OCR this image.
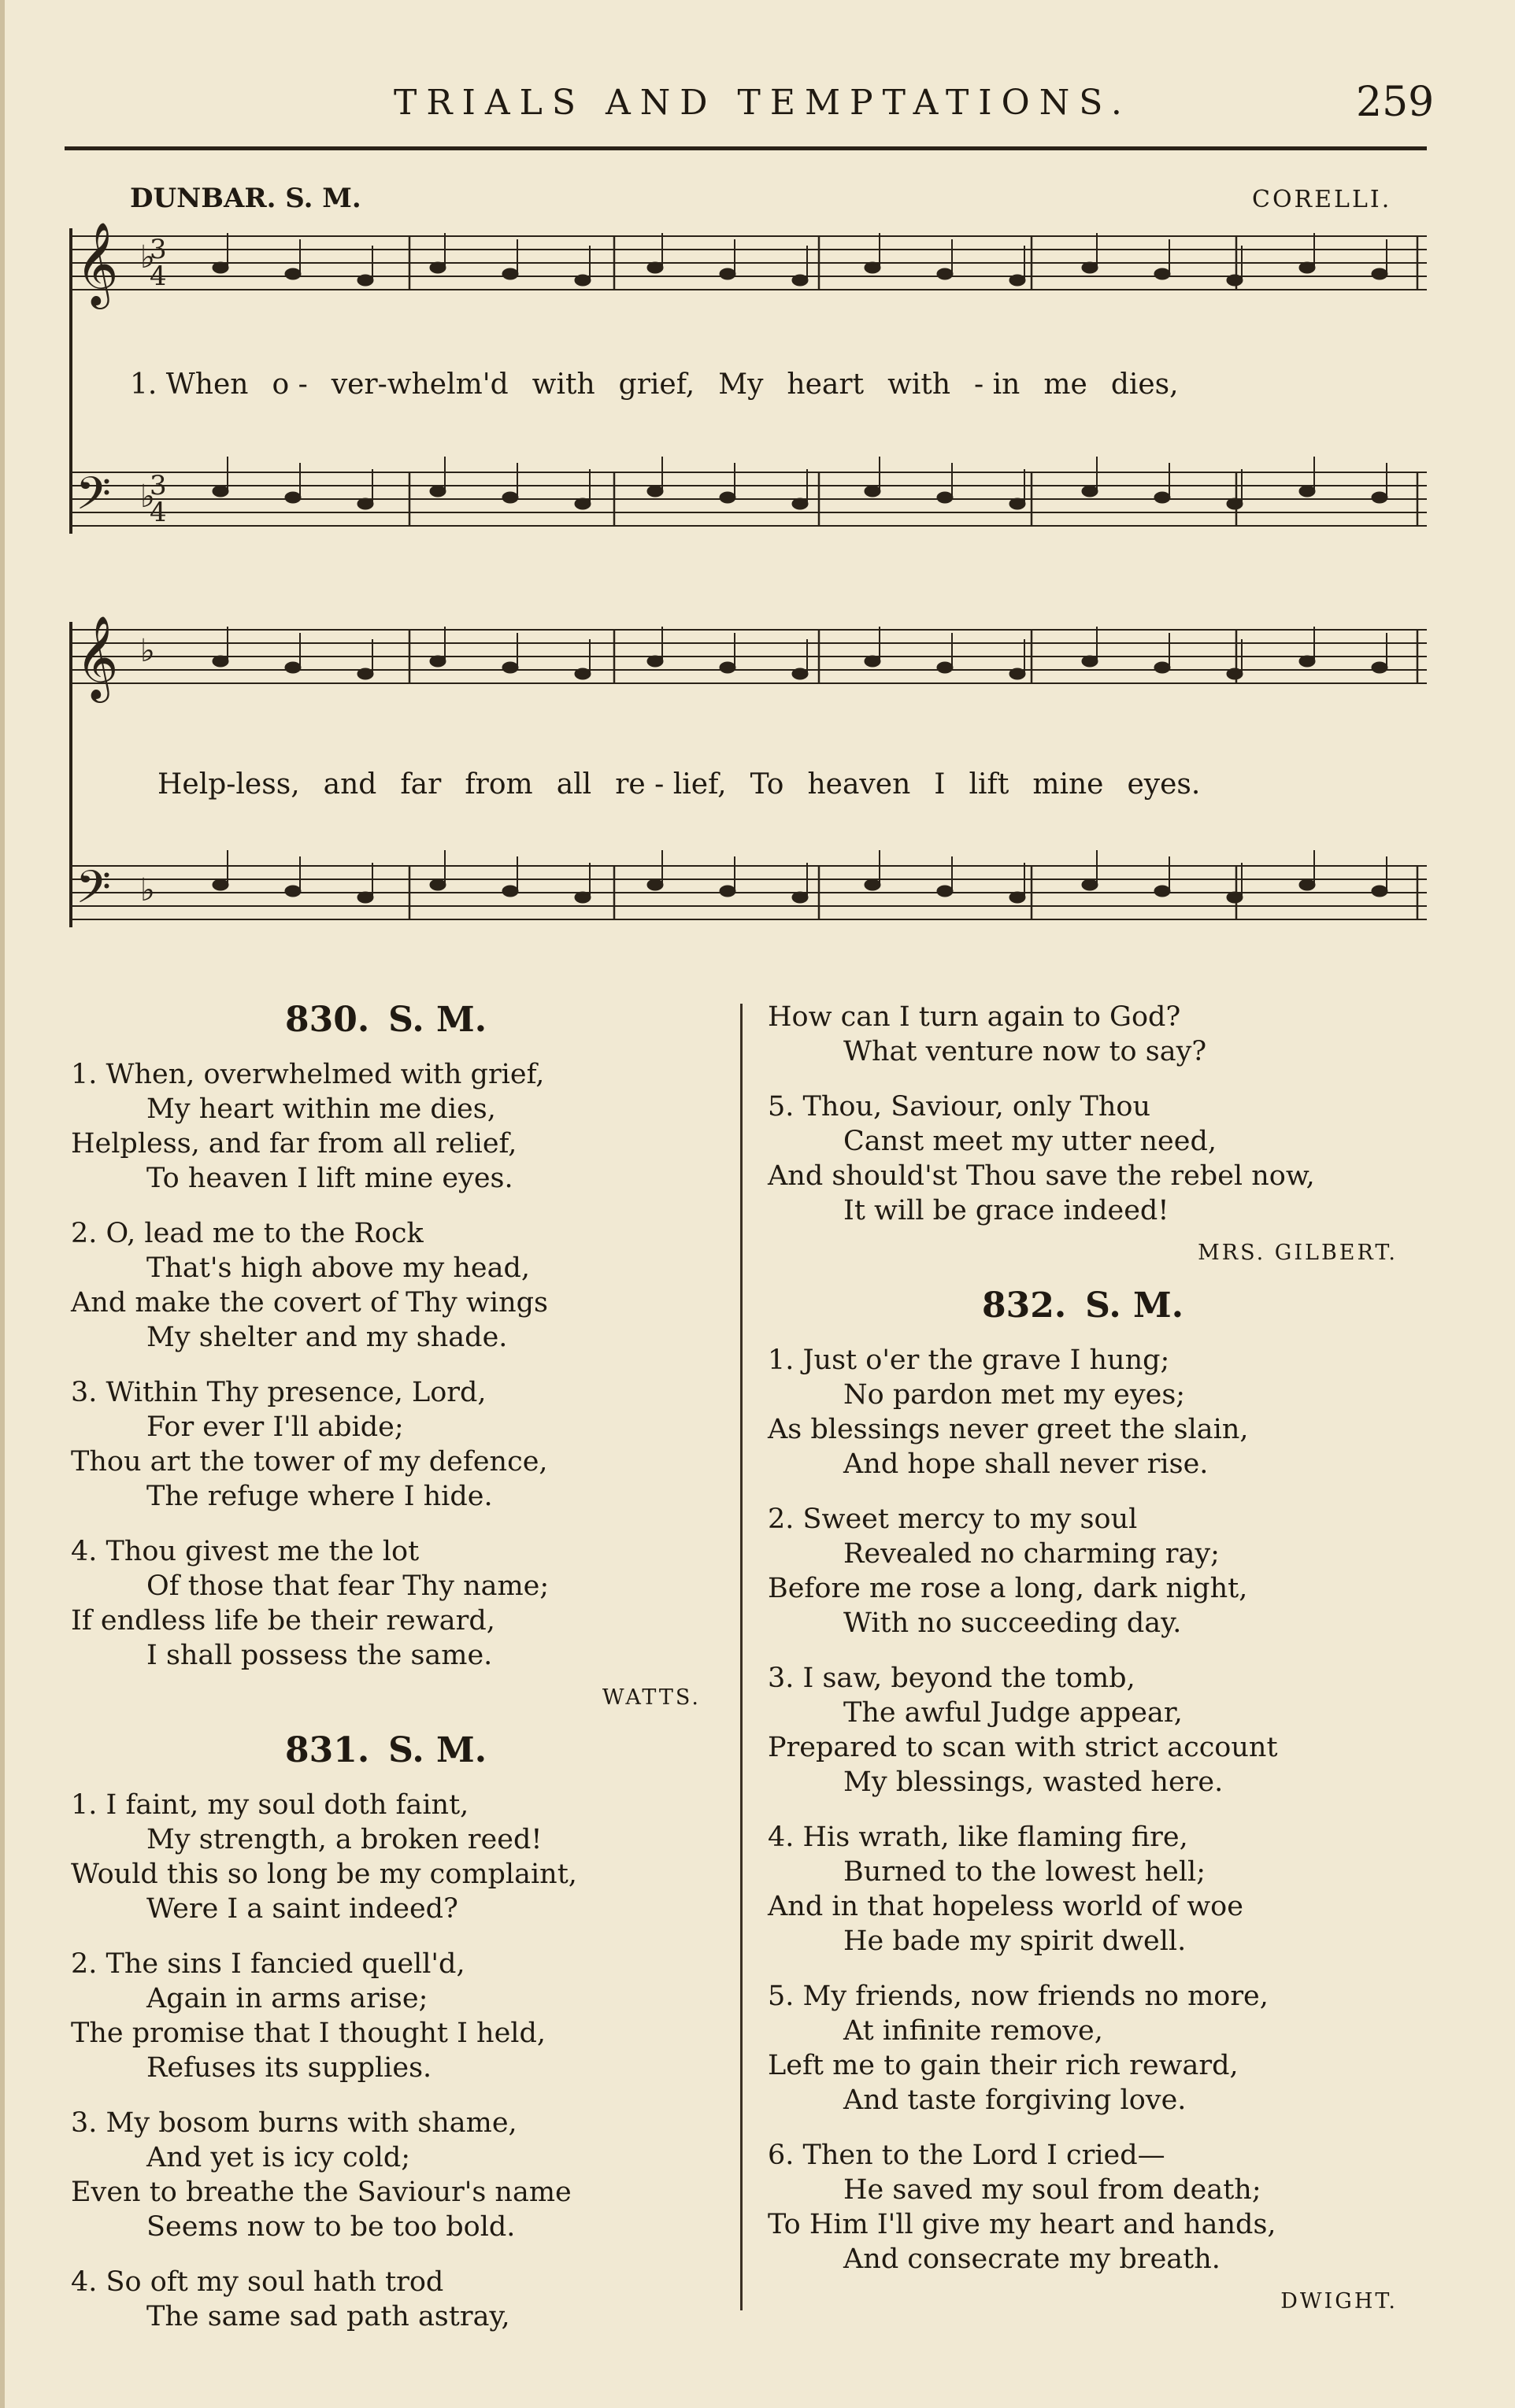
TRIALS AND TEMPTATIONS.	259
DUNBAR. S. M.	CORELLI.
𝄞
𝄢
♭
♭
3
4
3
4
𝄞
𝄢
♭
♭
1. When o - ver-whelm'd with grief, My heart with - in me dies,
Help-less, and far from all re - lief, To heaven I lift mine eyes.
830. S. M.
1. When, overwhelmed with grief,
My heart within me dies,
Helpless, and far from all relief,
To heaven I lift mine eyes.
2. O, lead me to the Rock
That's high above my head,
And make the covert of Thy wings
My shelter and my shade.
3. Within Thy presence, Lord,
For ever I'll abide;
Thou art the tower of my defence,
The refuge where I hide.
4. Thou givest me the lot
Of those that fear Thy name;
If endless life be their reward,
I shall possess the same.
WATTS.
831. S. M.
1. I faint, my soul doth faint,
My strength, a broken reed!
Would this so long be my complaint,
Were I a saint indeed?
2. The sins I fancied quell'd,
Again in arms arise;
The promise that I thought I held,
Refuses its supplies.
3. My bosom burns with shame,
And yet is icy cold;
Even to breathe the Saviour's name
Seems now to be too bold.
4. So oft my soul hath trod
The same sad path astray,
How can I turn again to God?
What venture now to say?
5. Thou, Saviour, only Thou
Canst meet my utter need,
And should'st Thou save the rebel now,
It will be grace indeed!
MRS. GILBERT.
832. S. M.
1. Just o'er the grave I hung;
No pardon met my eyes;
As blessings never greet the slain,
And hope shall never rise.
2. Sweet mercy to my soul
Revealed no charming ray;
Before me rose a long, dark night,
With no succeeding day.
3. I saw, beyond the tomb,
The awful Judge appear,
Prepared to scan with strict account
My blessings, wasted here.
4. His wrath, like flaming fire,
Burned to the lowest hell;
And in that hopeless world of woe
He bade my spirit dwell.
5. My friends, now friends no more,
At infinite remove,
Left me to gain their rich reward,
And taste forgiving love.
6. Then to the Lord I cried—
He saved my soul from death;
To Him I'll give my heart and hands,
And consecrate my breath.
DWIGHT.
